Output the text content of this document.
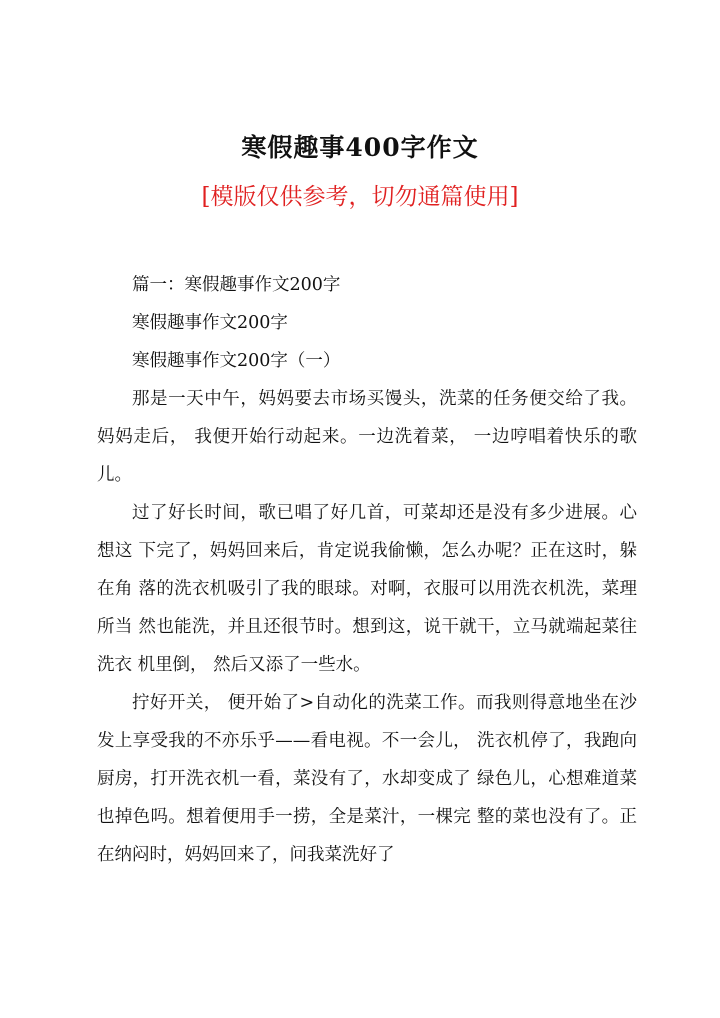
寒假趣事400字作文
[模版仅供参考，切勿通篇使用]

篇一：寒假趣事作文200字

寒假趣事作文200字

寒假趣事作文200字（一）

那是一天中午，妈妈要去市场买馒头，洗菜的任务便交给了我。妈妈走后， 我便开始行动起来。一边洗着菜， 一边哼唱着快乐的歌儿。

过了好长时间，歌已唱了好几首，可菜却还是没有多少进展。心想这 下完了，妈妈回来后，肯定说我偷懒，怎么办呢？正在这时，躲在角 落的洗衣机吸引了我的眼球。对啊，衣服可以用洗衣机洗，菜理所当 然也能洗，并且还很节时。想到这，说干就干，立马就端起菜往洗衣 机里倒， 然后又添了一些水。

拧好开关， 便开始了>自动化的洗菜工作。而我则得意地坐在沙发上享受我的不亦乐乎——看电视。不一会儿， 洗衣机停了，我跑向厨房，打开洗衣机一看，菜没有了，水却变成了 绿色儿，心想难道菜也掉色吗。想着便用手一捞，全是菜汁，一棵完 整的菜也没有了。正在纳闷时，妈妈回来了，问我菜洗好了
